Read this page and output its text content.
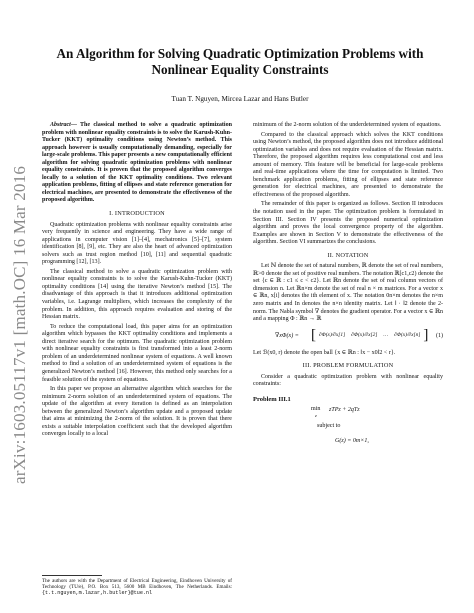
arXiv:1603.05117v1 [math.OC] 16 Mar 2016
An Algorithm for Solving Quadratic Optimization Problems with
Nonlinear Equality Constraints
Tuan T. Nguyen, Mircea Lazar and Hans Butler

Abstract— The classical method to solve a quadratic optimization problem with nonlinear equality constraints is to solve the Karush-Kuhn-Tucker (KKT) optimality conditions using Newton’s method. This approach however is usually computationally demanding, especially for large-scale problems. This paper presents a new computationally efficient algorithm for solving quadratic optimization problems with nonlinear equality constraints. It is proven that the proposed algorithm converges locally to a solution of the KKT optimality conditions. Two relevant application problems, fitting of ellipses and state reference generation for electrical machines, are presented to demonstrate the effectiveness of the proposed algorithm.

I. INTRODUCTION

Quadratic optimization problems with nonlinear equality constraints arise very frequently in science and engineering. They have a wide range of applications in computer vision [1]–[4], mechatronics [5]–[7], system identification [8], [9], etc. They are also the heart of advanced optimization solvers such as trust region method [10], [11] and sequential quadratic programming [12], [13].

The classical method to solve a quadratic optimization problem with nonlinear equality constraints is to solve the Karush-Kuhn-Tucker (KKT) optimality conditions [14] using the iterative Newton’s method [15]. The disadvantage of this approach is that it introduces additional optimization variables, i.e. Lagrange multipliers, which increases the complexity of the problem. In addition, this approach requires evaluation and storing of the Hessian matrix.

To reduce the computational load, this paper aims for an optimization algorithm which bypasses the KKT optimality conditions and implements a direct iterative search for the optimum. The quadratic optimization problem with nonlinear equality constraints is first transformed into a least 2-norm problem of an underdetermined nonlinear system of equations. A well known method to find a solution of an underdetermined system of equations is the generalized Newton’s method [16]. However, this method only searches for a feasible solution of the system of equations.

In this paper we propose an alternative algorithm which searches for the minimum 2-norm solution of an underdetermined system of equations. The update of the algorithm at every iteration is defined as an interpolation between the generalized Newton’s algorithm update and a proposed update that aims at minimizing the 2-norm of the solution. It is proven that there exists a suitable interpolation coefficient such that the developed algorithm converges locally to a local

The authors are with the Department of Electrical Engineering, Eindhoven University of Technology (TU/e), P.O. Box 513, 5600 MB Eindhoven, The Netherlands. Emails: {t.t.nguyen,m.lazar,h.butler}@tue.nl

minimum of the 2-norm solution of the underdetermined system of equations.

Compared to the classical approach which solves the KKT conditions using Newton’s method, the proposed algorithm does not introduce additional optimization variables and does not require evaluation of the Hessian matrix. Therefore, the proposed algorithm requires less computational cost and less amount of memory. This feature will be beneficial for large-scale problems and real-time applications where the time for computation is limited. Two benchmark application problems, fitting of ellipses and state reference generation for electrical machines, are presented to demonstrate the effectiveness of the proposed algorithm.

The remainder of this paper is organized as follows. Section II introduces the notation used in the paper. The optimization problem is formulated in Section III. Section IV presents the proposed numerical optimization algorithm and proves the local convergence property of the algorithm. Examples are shown in Section V to demonstrate the effectiveness of the algorithm. Section VI summarizes the conclusions.

II. NOTATION

Let ℕ denote the set of natural numbers, ℝ denote the set of real numbers, ℝ>0 denote the set of positive real numbers. The notation ℝ[c1,c2) denote the set {c ∈ ℝ : c1 ≤ c < c2}. Let ℝn denote the set of real column vectors of dimension n. Let ℝn×m denote the set of real n × m matrices. For a vector x ∈ ℝn, x[i] denotes the ith element of x. The notation 0n×m denotes the n×m zero matrix and In denotes the n×n identity matrix. Let ‖ · ‖2 denote the 2-norm. The Nabla symbol ∇ denotes the gradient operator. For a vector x ∈ ℝn and a mapping Φ : ℝn → ℝ

∇xΦ(x) = [ ∂Φ(x)/∂x[1] ∂Φ(x)/∂x[2] … ∂Φ(x)/∂x[n] ] (1)

Let ℬ(x0, r) denote the open ball {x ∈ ℝn : ‖x − x0‖2 < r}.

III. PROBLEM FORMULATION

Consider a quadratic optimization problem with nonlinear equality constraints:

Problem III.1
min
z
zTPz + 2qTz
subject to
G(z) = 0m×1,
